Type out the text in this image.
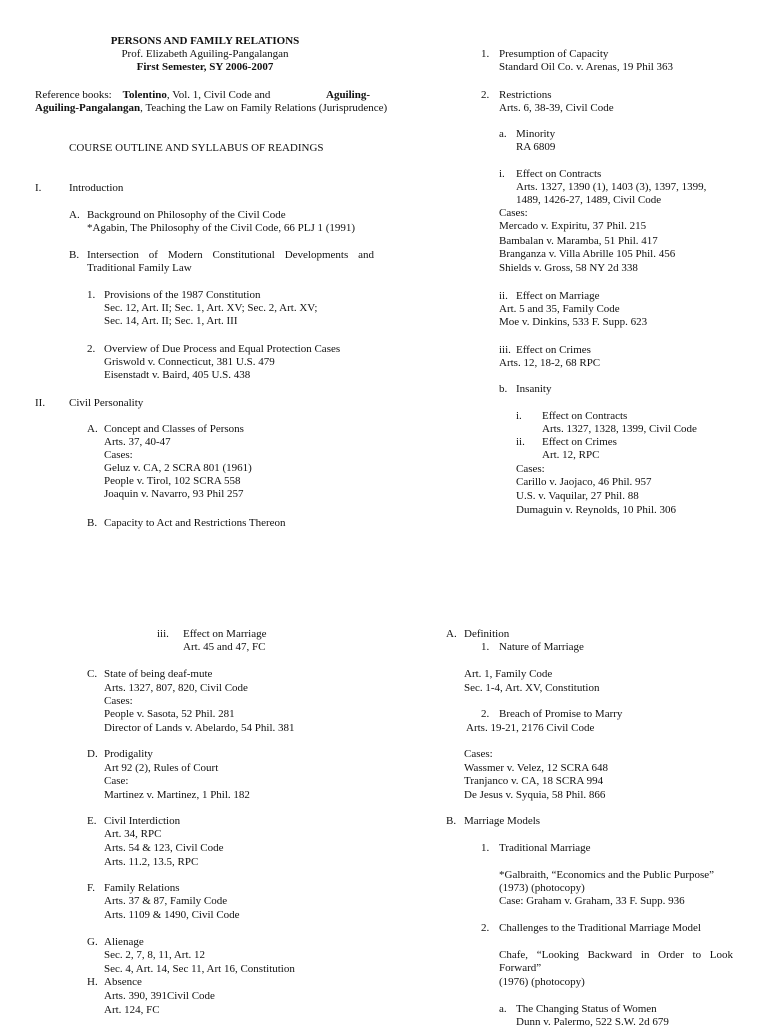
PERSONS AND FAMILY RELATIONS
Prof. Elizabeth Aguiling-Pangalangan
First Semester, SY 2006-2007
Reference books: Tolentino, Vol. 1, Civil Code and	Aguiling-
Aguiling-Pangalangan, Teaching the Law on Family Relations (Jurisprudence)
COURSE OUTLINE AND SYLLABUS OF READINGS
I.	Introduction
A. Background on Philosophy of the Civil Code
*Agabin, The Philosophy of the Civil Code, 66 PLJ 1 (1991)
B. Intersection of Modern Constitutional Developments and Traditional Family Law
1. Provisions of the 1987 Constitution
Sec. 12, Art. II; Sec. 1, Art. XV; Sec. 2, Art. XV;
Sec. 14, Art. II; Sec. 1, Art. III
2. Overview of Due Process and Equal Protection Cases
Griswold v. Connecticut, 381 U.S. 479
Eisenstadt v. Baird, 405 U.S. 438
II. Civil Personality
A. Concept and Classes of Persons
Arts. 37, 40-47
Cases:
Geluz v. CA, 2 SCRA 801 (1961)
People v. Tirol, 102 SCRA 558
Joaquin v. Navarro, 93 Phil 257
B. Capacity to Act and Restrictions Thereon
1. Presumption of Capacity
Standard Oil Co. v. Arenas, 19 Phil 363
2. Restrictions
Arts. 6, 38-39, Civil Code
a. Minority
RA 6809
i. Effect on Contracts
Arts. 1327, 1390 (1), 1403 (3), 1397, 1399,
1489, 1426-27, 1489, Civil Code
Cases:
Mercado v. Expiritu, 37 Phil. 215
Bambalan v. Maramba, 51 Phil. 417
Branganza v. Villa Abrille 105 Phil. 456
Shields v. Gross, 58 NY 2d 338
ii. Effect on Marriage
Art. 5 and 35, Family Code
Moe v. Dinkins, 533 F. Supp. 623
iii. Effect on Crimes
Arts. 12, 18-2, 68 RPC
b. Insanity
i. Effect on Contracts
Arts. 1327, 1328, 1399, Civil Code
ii. Effect on Crimes
Art. 12, RPC
Cases:
Carillo v. Jaojaco, 46 Phil. 957
U.S. v. Vaquilar, 27 Phil. 88
Dumaguin v. Reynolds, 10 Phil. 306
iii. Effect on Marriage
Art. 45 and 47, FC
C. State of being deaf-mute
Arts. 1327, 807, 820, Civil Code
Cases:
People v. Sasota, 52 Phil. 281
Director of Lands v. Abelardo, 54 Phil. 381
D. Prodigality
Art 92 (2), Rules of Court
Case:
Martinez v. Martinez, 1 Phil. 182
E. Civil Interdiction
Art. 34, RPC
Arts. 54 & 123, Civil Code
Arts. 11.2, 13.5, RPC
F. Family Relations
Arts. 37 & 87, Family Code
Arts. 1109 & 1490, Civil Code
G. Alienage
Sec. 2, 7, 8, 11, Art. 12
Sec. 4, Art. 14, Sec 11, Art 16, Constitution
H. Absence
Arts. 390, 391Civil Code
Art. 124, FC
A. Definition
1. Nature of Marriage
Art. 1, Family Code
Sec. 1-4, Art. XV, Constitution
2. Breach of Promise to Marry
Arts. 19-21, 2176 Civil Code
Cases:
Wassmer v. Velez, 12 SCRA 648
Tranjanco v. CA, 18 SCRA 994
De Jesus v. Syquia, 58 Phil. 866
B. Marriage Models
1. Traditional Marriage
*Galbraith, “Economics and the Public Purpose”
(1973) (photocopy)
Case: Graham v. Graham, 33 F. Supp. 936
2. Challenges to the Traditional Marriage Model
Chafe, “Looking Backward in Order to Look Forward”
(1976) (photocopy)
a. The Changing Status of Women
Dunn v. Palermo, 522 S.W. 2d 679
